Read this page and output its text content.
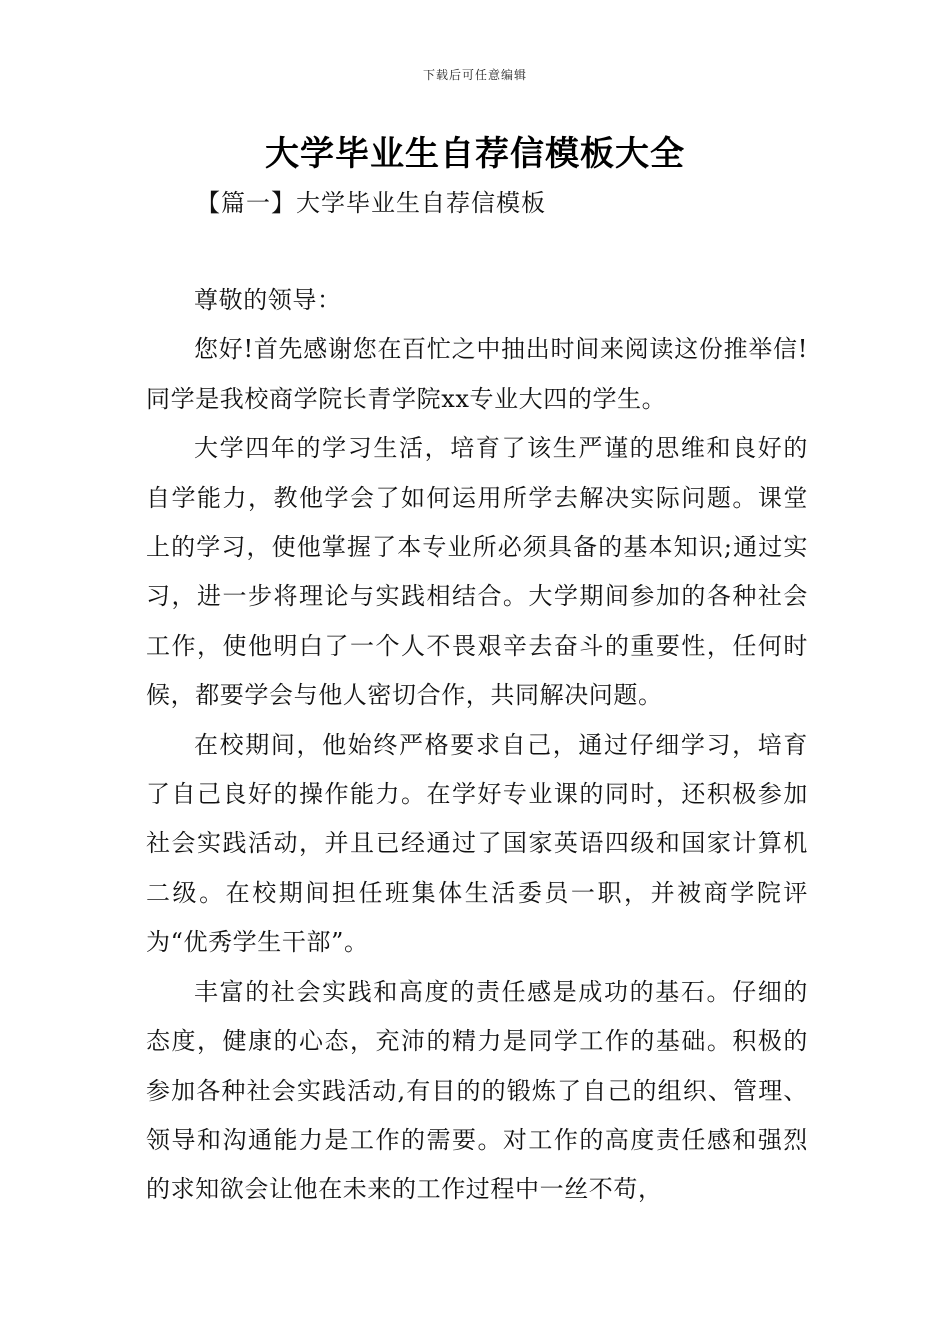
下载后可任意编辑
大学毕业生自荐信模板大全
【篇一】大学毕业生自荐信模板

尊敬的领导：

您好!首先感谢您在百忙之中抽出时间来阅读这份推举信!同学是我校商学院长青学院xx专业大四的学生。

大学四年的学习生活，培育了该生严谨的思维和良好的自学能力，教他学会了如何运用所学去解决实际问题。课堂上的学习，使他掌握了本专业所必须具备的基本知识;通过实习，进一步将理论与实践相结合。大学期间参加的各种社会工作，使他明白了一个人不畏艰辛去奋斗的重要性，任何时候，都要学会与他人密切合作，共同解决问题。

在校期间，他始终严格要求自己，通过仔细学习，培育了自己良好的操作能力。在学好专业课的同时，还积极参加社会实践活动，并且已经通过了国家英语四级和国家计算机二级。在校期间担任班集体生活委员一职，并被商学院评为“优秀学生干部”。

丰富的社会实践和高度的责任感是成功的基石。仔细的态度，健康的心态，充沛的精力是同学工作的基础。积极的参加各种社会实践活动,有目的的锻炼了自己的组织、管理、领导和沟通能力是工作的需要。对工作的高度责任感和强烈的求知欲会让他在未来的工作过程中一丝不苟，
